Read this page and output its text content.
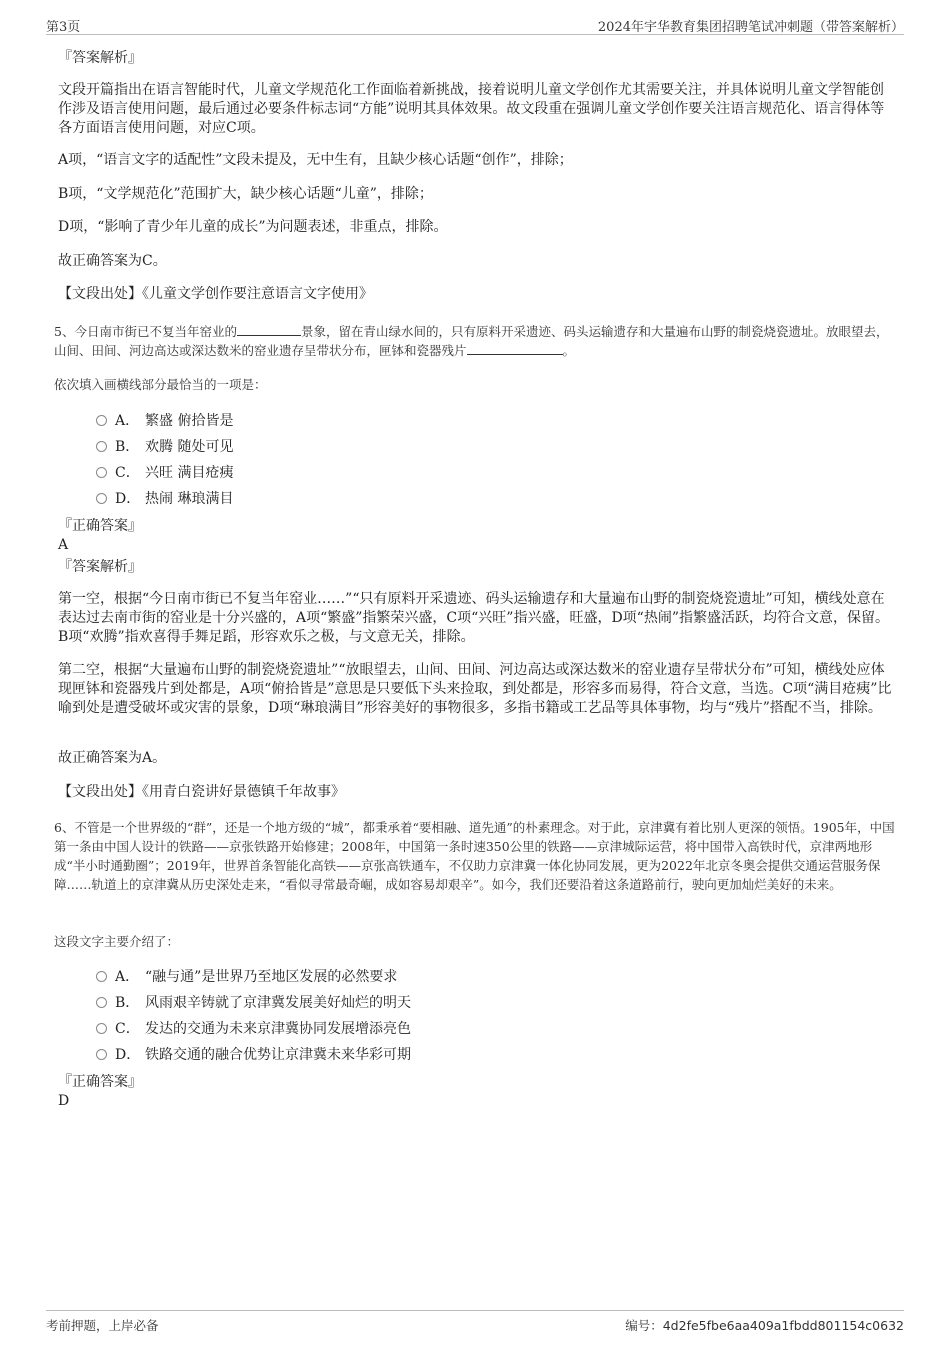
第3页	2024年宇华教育集团招聘笔试冲刺题（带答案解析）
『答案解析』
文段开篇指出在语言智能时代，儿童文学规范化工作面临着新挑战，接着说明儿童文学创作尤其需要关注，并具体说明儿童文学智能创作涉及语言使用问题，最后通过必要条件标志词“方能”说明其具体效果。故文段重在强调儿童文学创作要关注语言规范化、语言得体等各方面语言使用问题，对应C项。
A项，“语言文字的适配性”文段未提及，无中生有，且缺少核心话题“创作”，排除；
B项，“文学规范化”范围扩大，缺少核心话题“儿童”，排除；
D项，“影响了青少年儿童的成长”为问题表述，非重点，排除。
故正确答案为C。
【文段出处】《儿童文学创作要注意语言文字使用》
5、今日南市街已不复当年窑业的	景象，留在青山绿水间的，只有原料开采遗迹、码头运输遗存和大量遍布山野的制瓷烧瓷遗址。放眼望去，山间、田间、河边高达或深达数米的窑业遗存呈带状分布，匣钵和瓷器残片	。
依次填入画横线部分最恰当的一项是：
A． 繁盛 俯拾皆是
B． 欢腾 随处可见
C． 兴旺 满目疮痍
D． 热闹 琳琅满目
『正确答案』
A
『答案解析』
第一空，根据“今日南市街已不复当年窑业……”“只有原料开采遗迹、码头运输遗存和大量遍布山野的制瓷烧瓷遗址”可知，横线处意在表达过去南市街的窑业是十分兴盛的，A项“繁盛”指繁荣兴盛，C项“兴旺”指兴盛，旺盛，D项“热闹”指繁盛活跃，均符合文意，保留。B项“欢腾”指欢喜得手舞足蹈，形容欢乐之极，与文意无关，排除。
第二空，根据“大量遍布山野的制瓷烧瓷遗址”“放眼望去，山间、田间、河边高达或深达数米的窑业遗存呈带状分布”可知，横线处应体现匣钵和瓷器残片到处都是，A项“俯拾皆是”意思是只要低下头来捡取，到处都是，形容多而易得，符合文意，当选。C项“满目疮痍”比喻到处是遭受破坏或灾害的景象，D项“琳琅满目”形容美好的事物很多，多指书籍或工艺品等具体事物，均与“残片”搭配不当，排除。
故正确答案为A。
【文段出处】《用青白瓷讲好景德镇千年故事》
6、不管是一个世界级的“群”，还是一个地方级的“城”，都秉承着“要相融、道先通”的朴素理念。对于此，京津冀有着比别人更深的领悟。1905年，中国第一条由中国人设计的铁路——京张铁路开始修建；2008年，中国第一条时速350公里的铁路——京津城际运营，将中国带入高铁时代，京津两地形成“半小时通勤圈”；2019年，世界首条智能化高铁——京张高铁通车，不仅助力京津冀一体化协同发展，更为2022年北京冬奥会提供交通运营服务保障……轨道上的京津冀从历史深处走来，“看似寻常最奇崛，成如容易却艰辛”。如今，我们还要沿着这条道路前行，驶向更加灿烂美好的未来。
这段文字主要介绍了：
A． “融与通”是世界乃至地区发展的必然要求
B． 风雨艰辛铸就了京津冀发展美好灿烂的明天
C． 发达的交通为未来京津冀协同发展增添亮色
D． 铁路交通的融合优势让京津冀未来华彩可期
『正确答案』
D
考前押题，上岸必备	编号：4d2fe5fbe6aa409a1fbdd801154c0632
